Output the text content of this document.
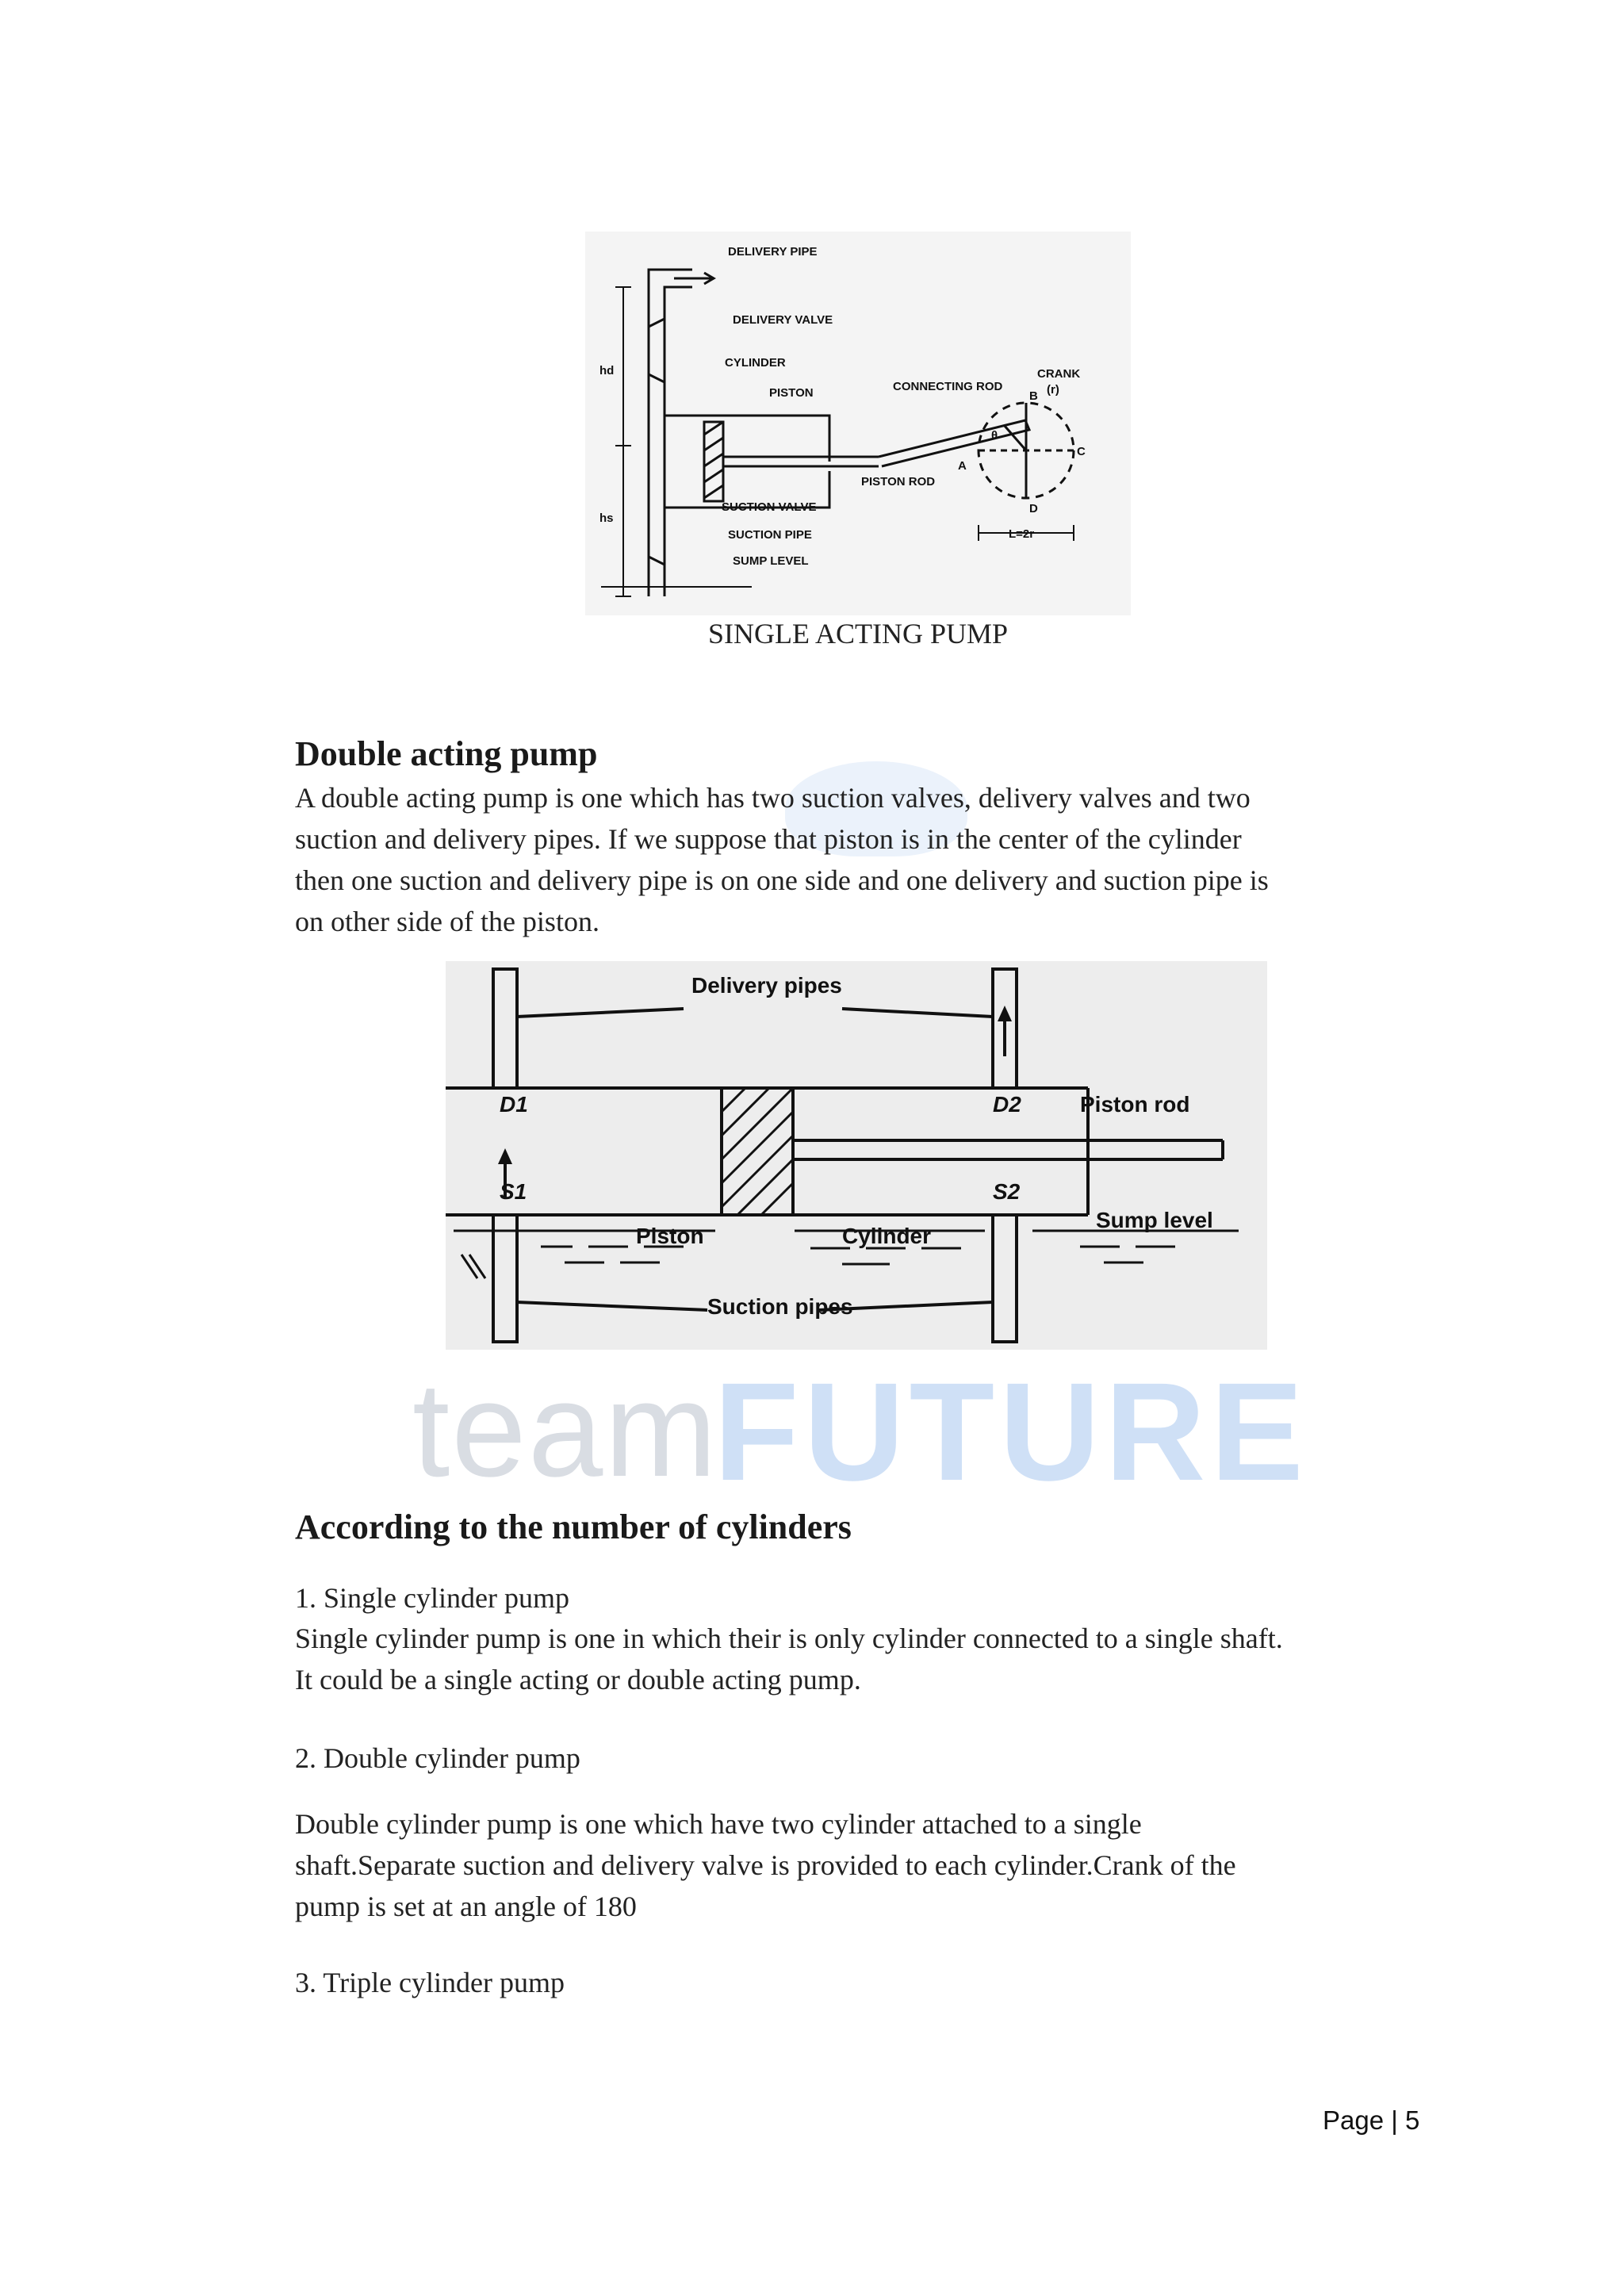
team
FUTURE
DELIVERY PIPE
DELIVERY VALVE
CYLINDER
PISTON	CONNECTING ROD
CRANK
(r)
hd
hs
B
A
C
D
θ
PISTON ROD
SUCTION VALVE
SUCTION PIPE
SUMP LEVEL
L=2r
SINGLE ACTING PUMP
Double acting pump
A double acting pump is one which has two suction valves, delivery valves and two
suction and delivery pipes. If we suppose that piston is in the center of the cylinder
then one suction and delivery pipe is on one side and one delivery and suction pipe is
on other side of the piston.
Delivery pipes
D1	D2	Piston rod
S1	S2
Sump level
Piston	Cylinder
Suction pipes
According to the number of cylinders
1. Single cylinder pump
Single cylinder pump is one in which their is only cylinder connected to a single shaft.
It could be a single acting or double acting pump.
2. Double cylinder pump
Double cylinder pump is one which have two cylinder attached to a single
shaft.Separate suction and delivery valve is provided to each cylinder.Crank of the
pump is set at an angle of 180
3. Triple cylinder pump
Page | 5
